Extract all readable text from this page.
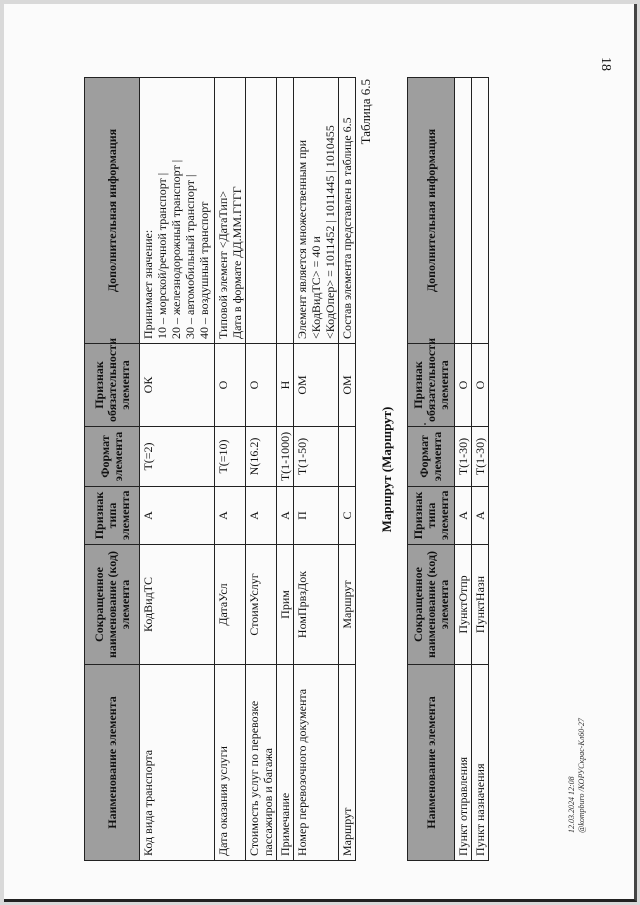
18
Наименование элемента	Сокращенное наименование (код) элемента	Признак типа элемента	Формат элемента	Признак обязательности элемента	Дополнительная информация
Код вида транспорта	КодВидТС	А	T(=2)	ОК	Принимает значение: 10 – морской/речной транспорт | 20 – железнодорожный транспорт | 30 – автомобильный транспорт | 40 – воздушный транспорт

Дата оказания услуги	ДатаУсл	А	T(=10)	О	Типовой элемент <ДатаТип> Дата в формате ДД.ММ.ГГГГ

Стоимость услуг по перевозке пассажиров и багажа	СтоимУслуг	А	N(16.2)	О	
Примечание	Прим	А	T(1-1000)	Н	
Номер перевозочного документа	НомПрвзДок	П	T(1-50)	ОМ	Элемент является множественным при <КодВидТС> = 40 и <КодОпер> = 1011452 | 1011445 | 1010455

Маршрут	Маршрут	С		ОМ	Состав элемента представлен в таблице 6.5
Таблица 6.5
Маршрут (Маршрут)
Наименование элемента	Сокращенное наименование (код) элемента	Признак типа элемента	Формат элемента	Признак обязательности элемента	Дополнительная информация
Пункт отправления	ПунктОтпр	А	T(1-30)	О	
Пункт назначения	ПунктНазн	А	T(1-30)	О	
12.03.2024 12:08 @kompburo /КОРУСкрас-Кл60-27
